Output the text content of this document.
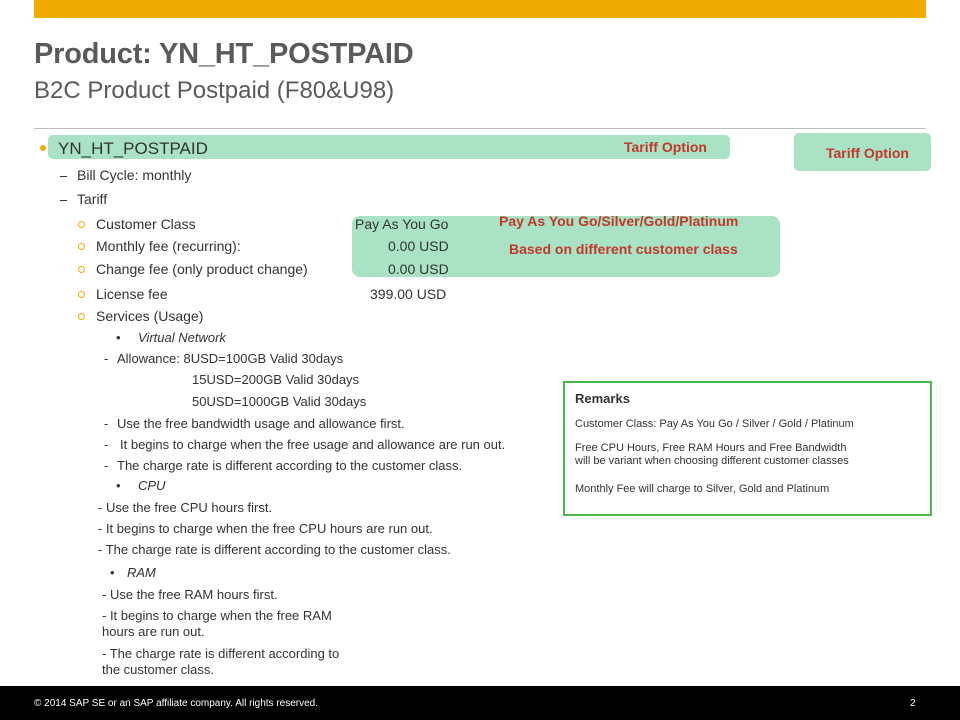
Product: YN_HT_POSTPAID
B2C Product Postpaid (F80&U98)
Tariff Option
YN_HT_POSTPAID	Tariff Option
Bill Cycle: monthly
Tariff
Customer Class	Pay As You Go	Pay As You Go/Silver/Gold/Platinum
Monthly fee (recurring):	0.00 USD	Based on different customer class
Change fee (only product change)	0.00 USD
License fee	399.00 USD
Services (Usage)
• Virtual Network
- Allowance: 8USD=100GB Valid 30days
15USD=200GB Valid 30days
50USD=1000GB Valid 30days
- Use the free bandwidth usage and allowance first.
- It begins to charge when the free usage and allowance are run out.
- The charge rate is different according to the customer class.
• CPU
- Use the free CPU hours first.
- It begins to charge when the free CPU hours are run out.
- The charge rate is different according to the customer class.
• RAM
- Use the free RAM hours first.
- It begins to charge when the free RAM
hours are run out.
- The charge rate is different according to
the customer class.
Remarks
Customer Class: Pay As You Go / Silver / Gold / Platinum
Free CPU Hours, Free RAM Hours and Free Bandwidth
will be variant when choosing different customer classes
Monthly Fee will charge to Silver, Gold and Platinum
© 2014 SAP SE or an SAP affiliate company. All rights reserved.	2
